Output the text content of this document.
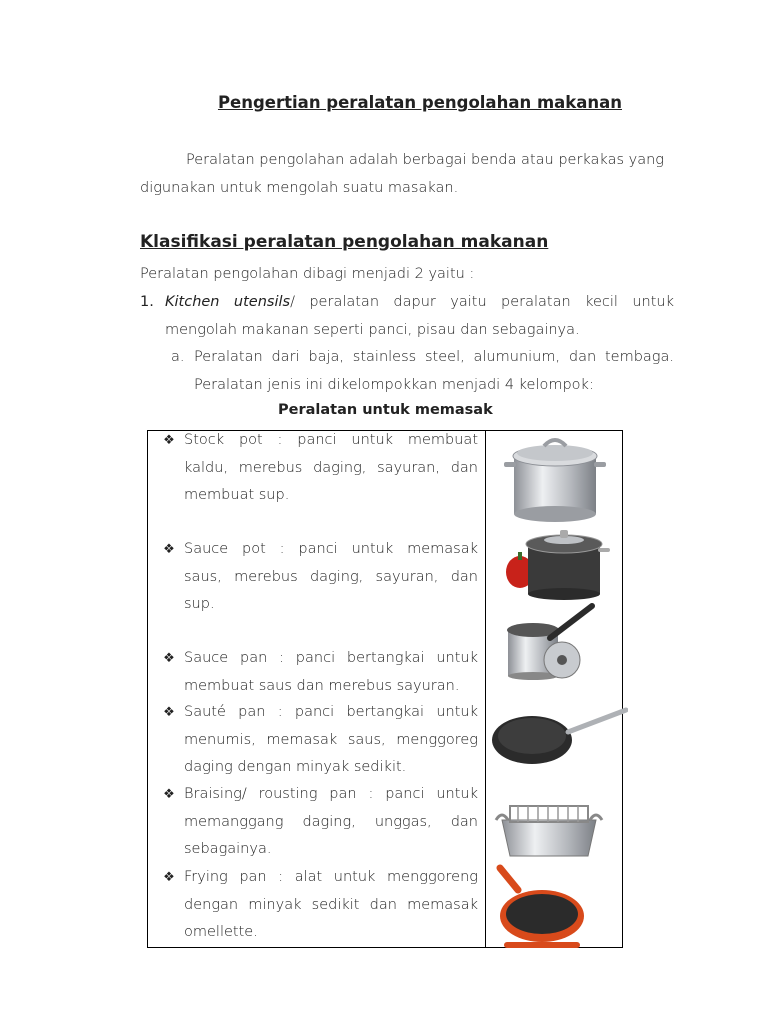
Pengertian peralatan pengolahan makanan
Peralatan pengolahan adalah berbagai benda atau perkakas yang
digunakan untuk mengolah suatu masakan.
Klasifikasi peralatan pengolahan makanan
Peralatan pengolahan dibagi menjadi 2 yaitu :
1. Kitchen utensils/ peralatan dapur yaitu peralatan kecil untuk
mengolah makanan seperti panci, pisau dan sebagainya.
a. Peralatan dari baja, stainless steel, alumunium, dan tembaga.
Peralatan jenis ini dikelompokkan menjadi 4 kelompok:
Peralatan untuk memasak
❖ Stock pot : panci untuk membuat
kaldu, merebus daging, sayuran, dan
membuat sup.
❖ Sauce pot : panci untuk memasak
saus, merebus daging, sayuran, dan
sup.
❖ Sauce pan : panci bertangkai untuk
membuat saus dan merebus sayuran.
❖ Sauté pan : panci bertangkai untuk
menumis, memasak saus, menggoreg
daging dengan minyak sedikit.
❖ Braising/ rousting pan : panci untuk
memanggang daging, unggas, dan
sebagainya.
❖ Frying pan : alat untuk menggoreng
dengan minyak sedikit dan memasak
omellette.
